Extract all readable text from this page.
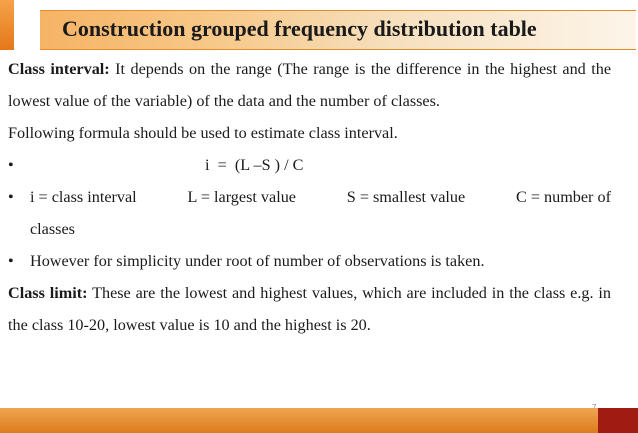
Construction grouped frequency distribution table

Class interval: It depends on the range (The range is the difference in the highest and the lowest value of the variable) of the data and the number of classes.

Following formula should be used to estimate class interval.

•	i  =  (L –S ) / C
•	i = class interval	L = largest value	S = smallest value	C = number of
classes
•	However for simplicity under root of number of observations is taken.

Class limit: These are the lowest and highest values, which are included in the class e.g. in the class 10-20, lowest value is 10 and the highest is 20.
